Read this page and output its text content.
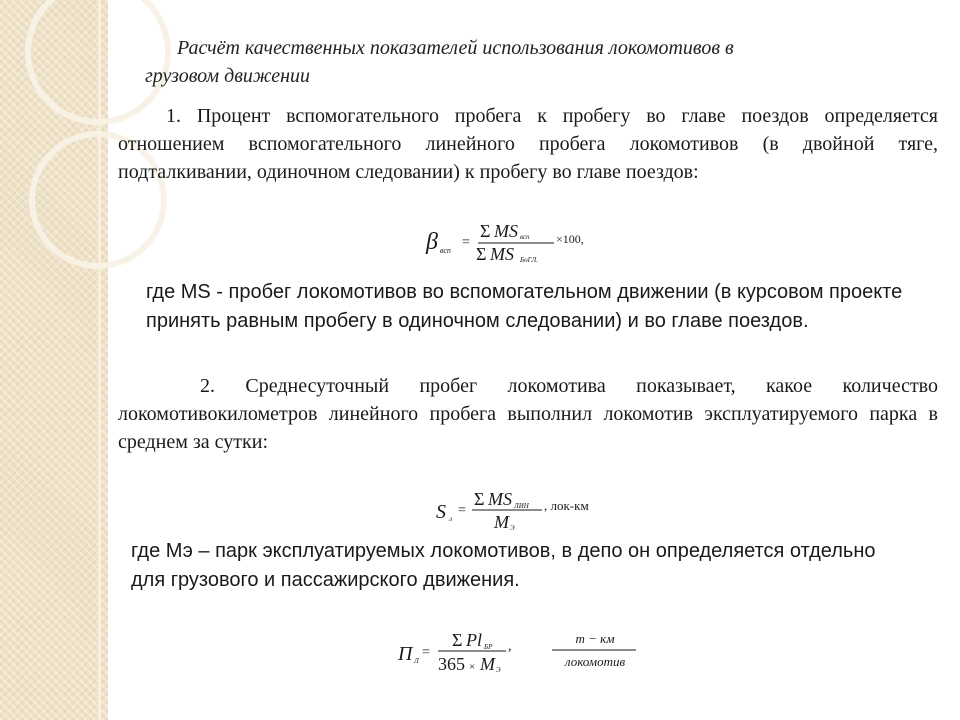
Расчёт качественных показателей использования локомотивов в
грузовом движении
1. Процент вспомогательного пробега к пробегу во главе поездов определяется отношением вспомогательного линейного пробега локомотивов (в двойной тяге, подталкивании, одиночном следовании) к пробегу во главе поездов:
β всп
=
Σ MS всп
Σ MS БоГЛ.
×100,
где MS - пробег локомотивов во вспомогательном движении (в курсовом проекте принять равным пробегу в одиночном следовании) и во главе поездов.
2. Среднесуточный пробег локомотива показывает, какое количество локомотивокилометров линейного пробега выполнил локомотив эксплуатируемого парка в среднем за сутки:
S л
=
Σ MS ЛИН
M Э
, лок-км
где Мэ – парк эксплуатируемых локомотивов, в депо он определяется отдельно для грузового и пассажирского движения.
П Л
=
Σ Pl БР
365 × M Э
,
т − км
локомотив
